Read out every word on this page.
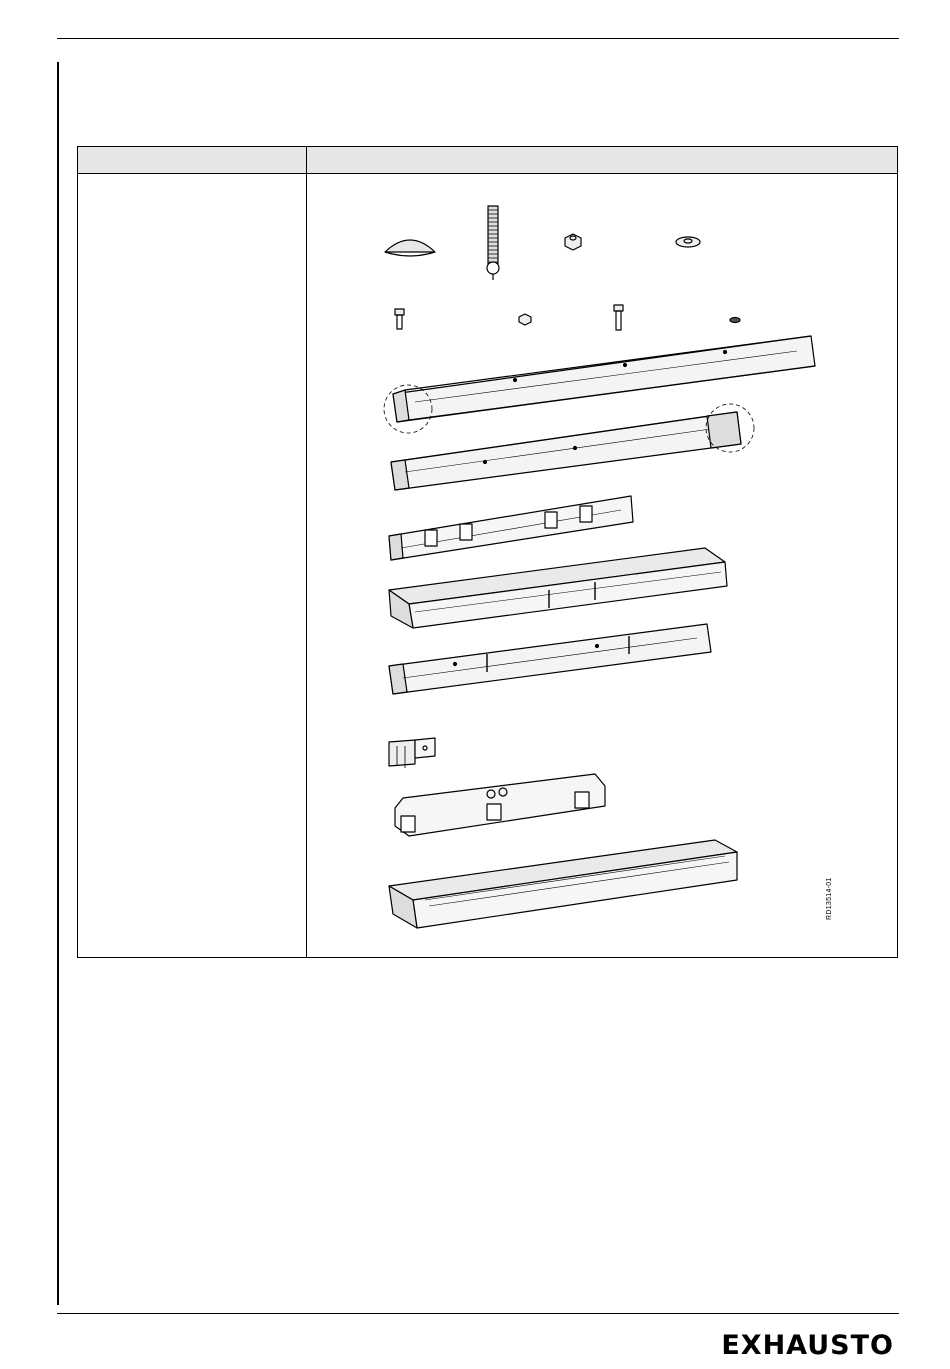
RD13514-01
EXHAUSTO
